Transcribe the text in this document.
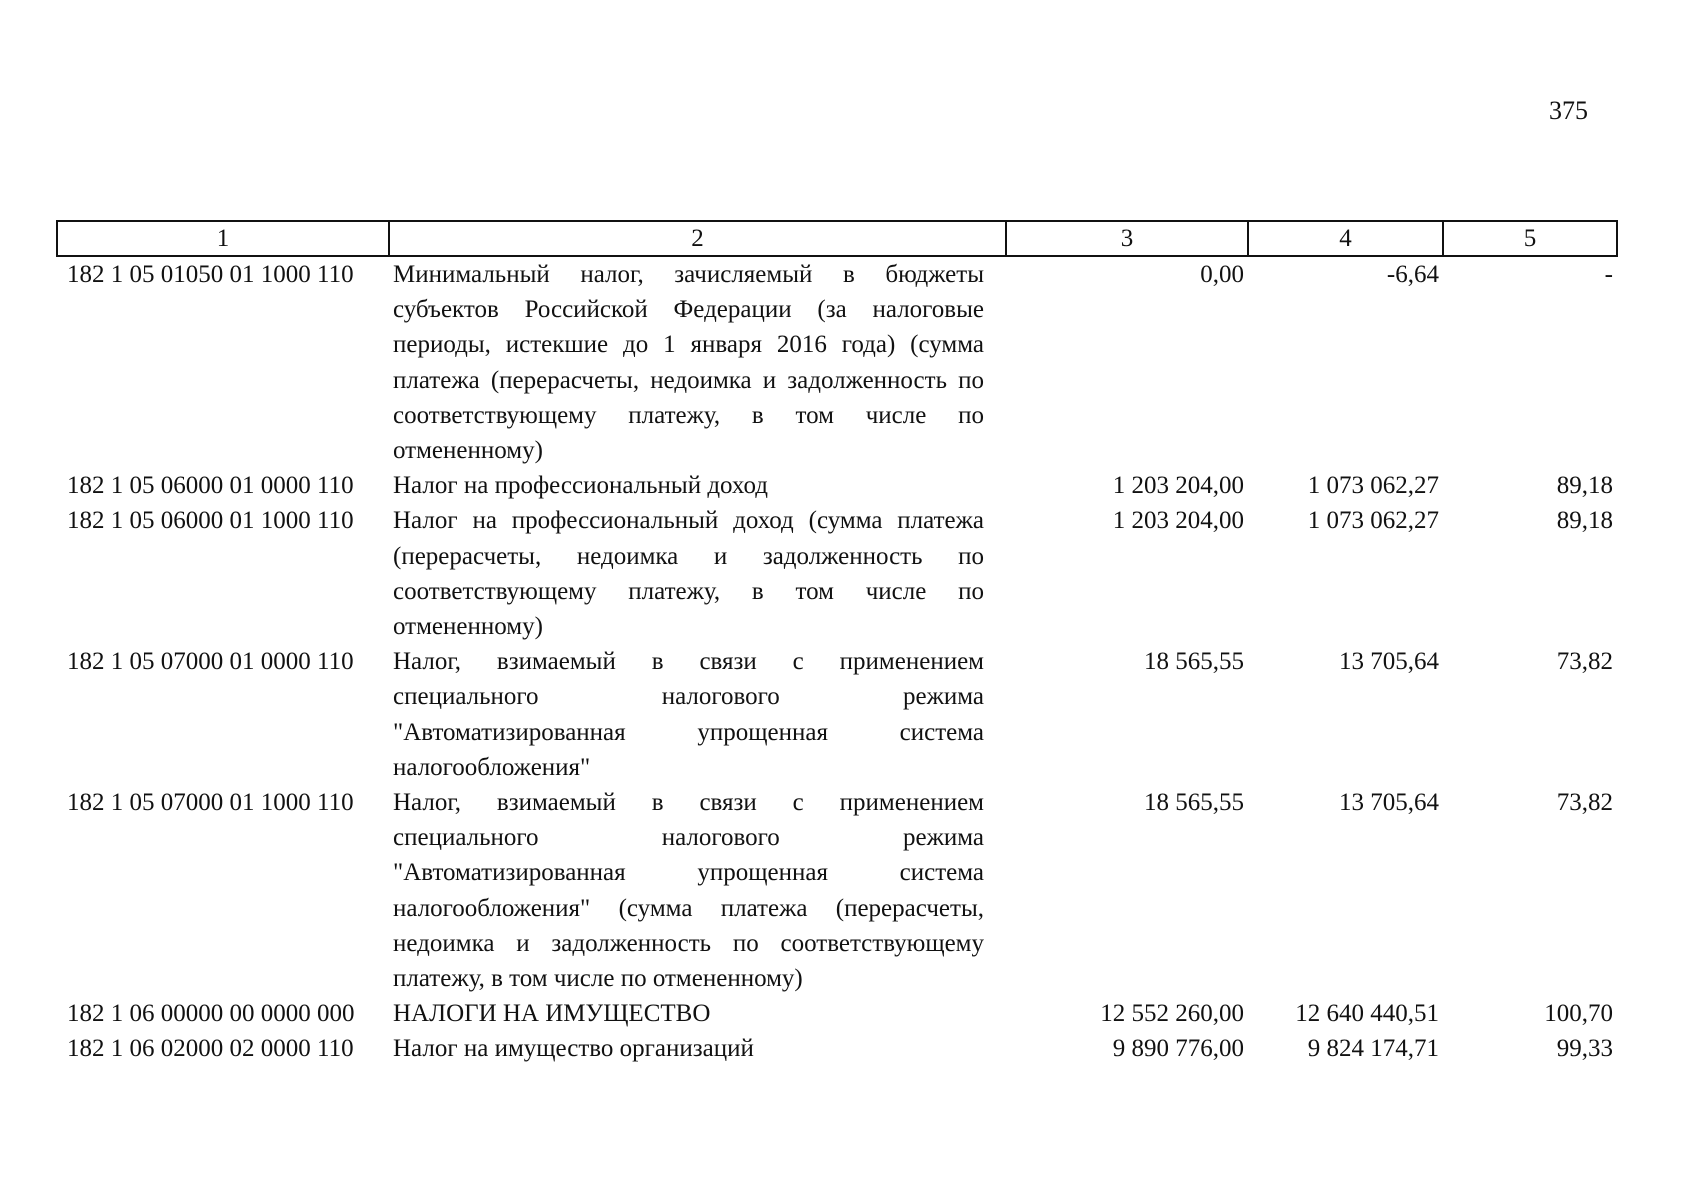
375
1	2	3	4	5
182 1 05 01050 01 1000 110	Минимальный налог, зачисляемый в бюджеты субъектов Российской Федерации (за налоговые периоды, истекшие до 1 января 2016 года) (сумма платежа (перерасчеты, недоимка и задолженность по соответствующему платежу, в том числе по отмененному)	0,00	-6,64	-
182 1 05 06000 01 0000 110	Налог на профессиональный доход	1 203 204,00	1 073 062,27	89,18
182 1 05 06000 01 1000 110	Налог на профессиональный доход (сумма платежа (перерасчеты, недоимка и задолженность по соответствующему платежу, в том числе по отмененному)	1 203 204,00	1 073 062,27	89,18
182 1 05 07000 01 0000 110	Налог, взимаемый в связи с применением специального налогового режима "Автоматизированная упрощенная система налогообложения"	18 565,55	13 705,64	73,82
182 1 05 07000 01 1000 110	Налог, взимаемый в связи с применением специального налогового режима "Автоматизированная упрощенная система налогообложения" (сумма платежа (перерасчеты, недоимка и задолженность по соответствующему платежу, в том числе по отмененному)	18 565,55	13 705,64	73,82
182 1 06 00000 00 0000 000	НАЛОГИ НА ИМУЩЕСТВО	12 552 260,00	12 640 440,51	100,70
182 1 06 02000 02 0000 110	Налог на имущество организаций	9 890 776,00	9 824 174,71	99,33
